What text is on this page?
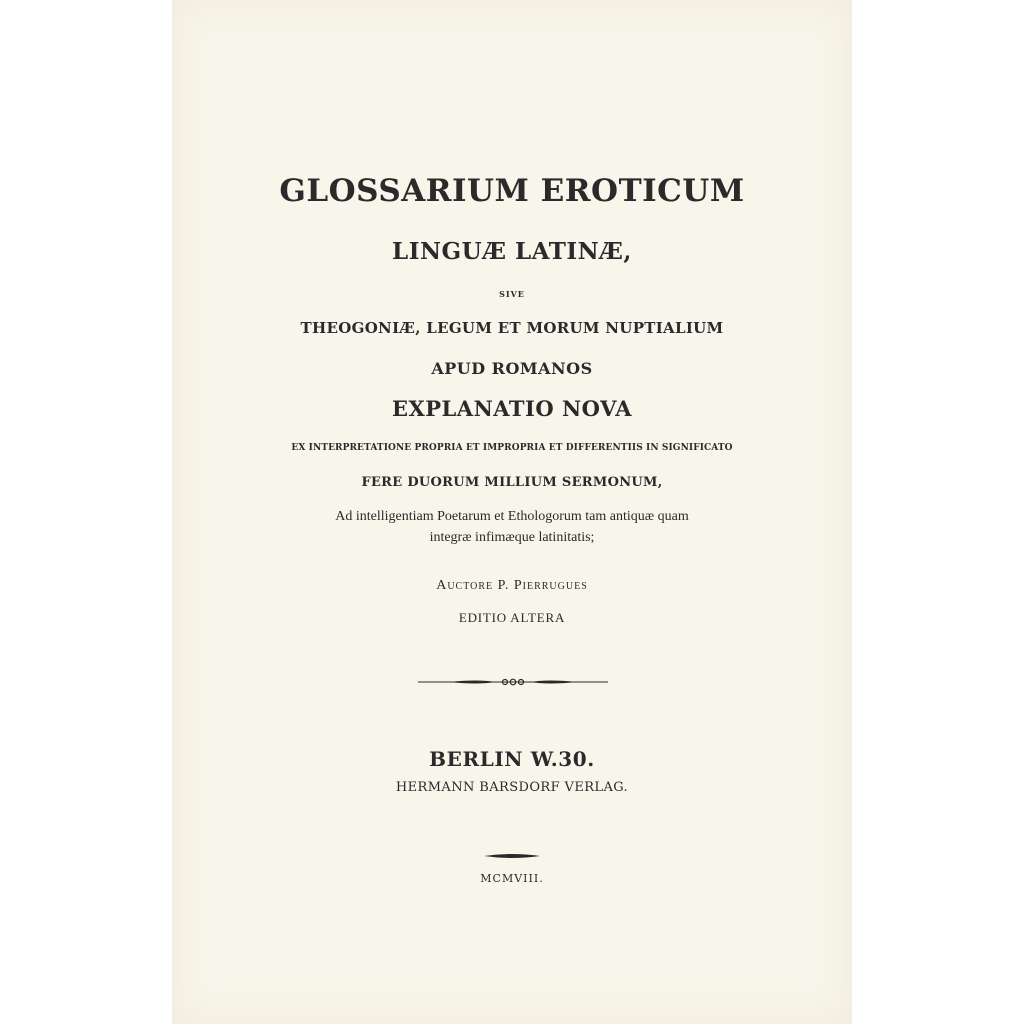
GLOSSARIUM EROTICUM
LINGUÆ LATINÆ,
SIVE
THEOGONIÆ, LEGUM ET MORUM NUPTIALIUM
APUD ROMANOS
EXPLANATIO NOVA
EX INTERPRETATIONE PROPRIA ET IMPROPRIA ET DIFFERENTIIS IN SIGNIFICATO
FERE DUORUM MILLIUM SERMONUM,
Ad intelligentiam Poetarum et Ethologorum tam antiquæ quam
integræ infimæque latinitatis;
Auctore P. Pierrugues
EDITIO ALTERA
BERLIN W.30.
HERMANN BARSDORF VERLAG.
MCMVIII.
